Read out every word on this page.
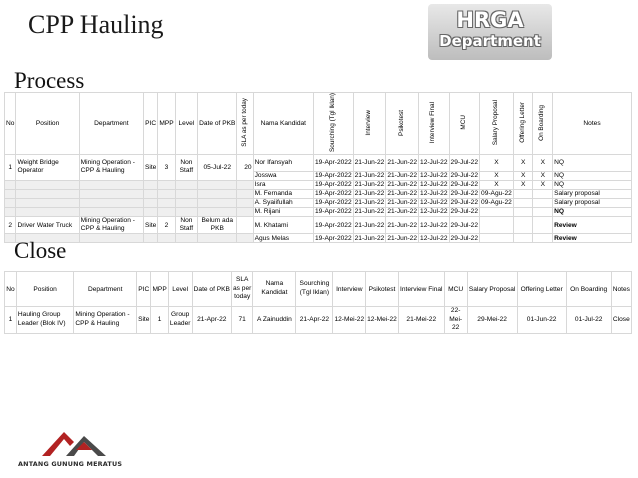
CPP Hauling	HRGA
Department
Process
No	Position	Department	PIC	MPP	Level	Date of PKB	SLA as per today	Nama Kandidat	Sourching (Tgl Iklan)	Interview	Psikotest	Interview Final	MCU	Salary Proposal	Offering Letter	On Boarding	Notes
1	Weight Bridge Operator	Mining Operation - CPP & Hauling	Site	3	Non Staff	05-Jul-22	20	Nor Ifansyah	19-Apr-2022	21-Jun-22	21-Jun-22	12-Jul-22	29-Jul-22	X	X	X	NQ
								Josswa	19-Apr-2022	21-Jun-22	21-Jun-22	12-Jul-22	29-Jul-22	X	X	X	NQ
								Isra	19-Apr-2022	21-Jun-22	21-Jun-22	12-Jul-22	29-Jul-22	X	X	X	NQ
								M. Fernanda	19-Apr-2022	21-Jun-22	21-Jun-22	12-Jul-22	29-Jul-22	09-Agu-22			Salary proposal
								A. Syaiifullah	19-Apr-2022	21-Jun-22	21-Jun-22	12-Jul-22	29-Jul-22	09-Agu-22			Salary proposal
								M. Rijani	19-Apr-2022	21-Jun-22	21-Jun-22	12-Jul-22	29-Jul-22				NQ
2	Driver Water Truck	Mining Operation - CPP & Hauling	Site	2	Non Staff	Belum ada PKB		M. Khatami	19-Apr-2022	21-Jun-22	21-Jun-22	12-Jul-22	29-Jul-22				Review
								Agus Melas	19-Apr-2022	21-Jun-22	21-Jun-22	12-Jul-22	29-Jul-22				Review
Close
No	Position	Department	PIC	MPP	Level	Date of PKB	SLA as per today	Nama Kandidat	Sourching (Tgl Iklan)	Interview	Psikotest	Interview Final	MCU	Salary Proposal	Offering Letter	On Boarding	Notes
1	Hauling Group Leader (Blok IV)	Mining Operation - CPP & Hauling	Site	1	Group Leader	21-Apr-22	71	A Zainuddin	21-Apr-22	12-Mei-22	12-Mei-22	21-Mei-22	22-Mei-22	29-Mei-22	01-Jun-22	01-Jul-22	Close
ANTANG GUNUNG MERATUS
